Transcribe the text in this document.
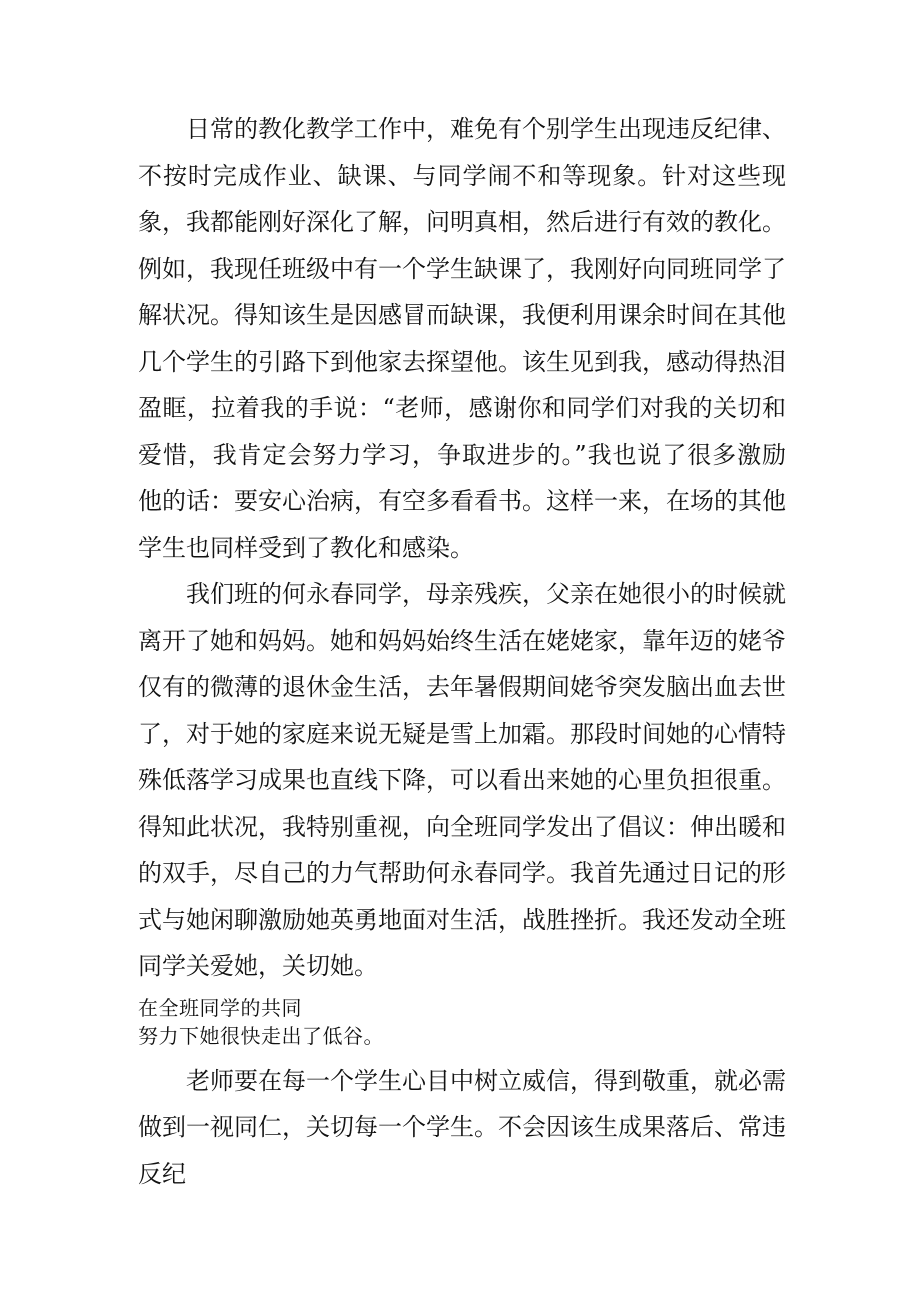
日常的教化教学工作中，难免有个别学生出现违反纪律、不按时完成作业、缺课、与同学闹不和等现象。针对这些现象，我都能刚好深化了解，问明真相，然后进行有效的教化。例如，我现任班级中有一个学生缺课了，我刚好向同班同学了解状况。得知该生是因感冒而缺课，我便利用课余时间在其他几个学生的引路下到他家去探望他。该生见到我，感动得热泪盈眶，拉着我的手说：“老师，感谢你和同学们对我的关切和爱惜，我肯定会努力学习，争取进步的。”我也说了很多激励他的话：要安心治病，有空多看看书。这样一来，在场的其他学生也同样受到了教化和感染。

我们班的何永春同学，母亲残疾，父亲在她很小的时候就离开了她和妈妈。她和妈妈始终生活在姥姥家，靠年迈的姥爷仅有的微薄的退休金生活，去年暑假期间姥爷突发脑出血去世了，对于她的家庭来说无疑是雪上加霜。那段时间她的心情特殊低落学习成果也直线下降，可以看出来她的心里负担很重。得知此状况，我特别重视，向全班同学发出了倡议：伸出暖和的双手，尽自己的力气帮助何永春同学。我首先通过日记的形式与她闲聊激励她英勇地面对生活，战胜挫折。我还发动全班同学关爱她，关切她。

在全班同学的共同

努力下她很快走出了低谷。

老师要在每一个学生心目中树立威信，得到敬重，就必需做到一视同仁，关切每一个学生。不会因该生成果落后、常违反纪
